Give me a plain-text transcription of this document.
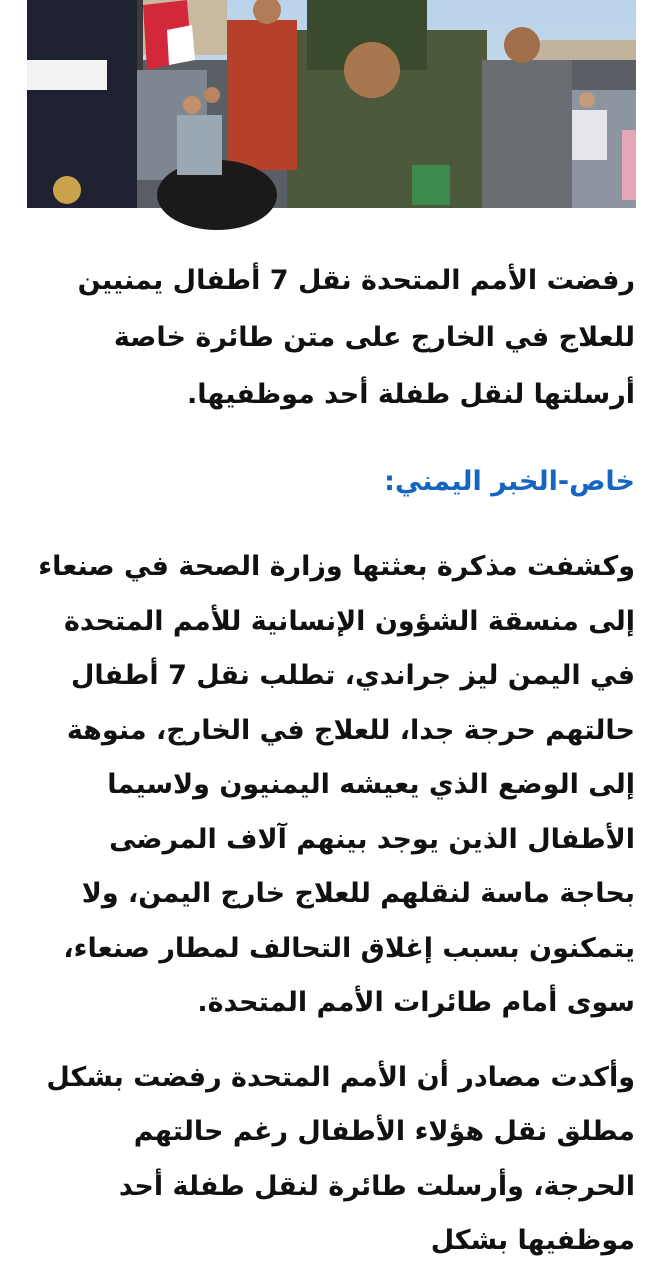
رفضت الأمم المتحدة نقل 7 أطفال يمنيين للعلاج في الخارج على متن طائرة خاصة أرسلتها لنقل طفلة أحد موظفيها.

خاص-الخبر اليمني:

وكشفت مذكرة بعثتها وزارة الصحة في صنعاء إلى منسقة الشؤون الإنسانية للأمم المتحدة في اليمن ليز جراندي، تطلب نقل 7 أطفال حالتهم حرجة جدا، للعلاج في الخارج، منوهة إلى الوضع الذي يعيشه اليمنيون ولاسيما الأطفال الذين يوجد بينهم آلاف المرضى بحاجة ماسة لنقلهم للعلاج خارج اليمن، ولا يتمكنون بسبب إغلاق التحالف لمطار صنعاء، سوى أمام طائرات الأمم المتحدة.

وأكدت مصادر أن الأمم المتحدة رفضت بشكل مطلق نقل هؤلاء الأطفال رغم حالتهم الحرجة، وأرسلت طائرة لنقل طفلة أحد موظفيها بشكل
